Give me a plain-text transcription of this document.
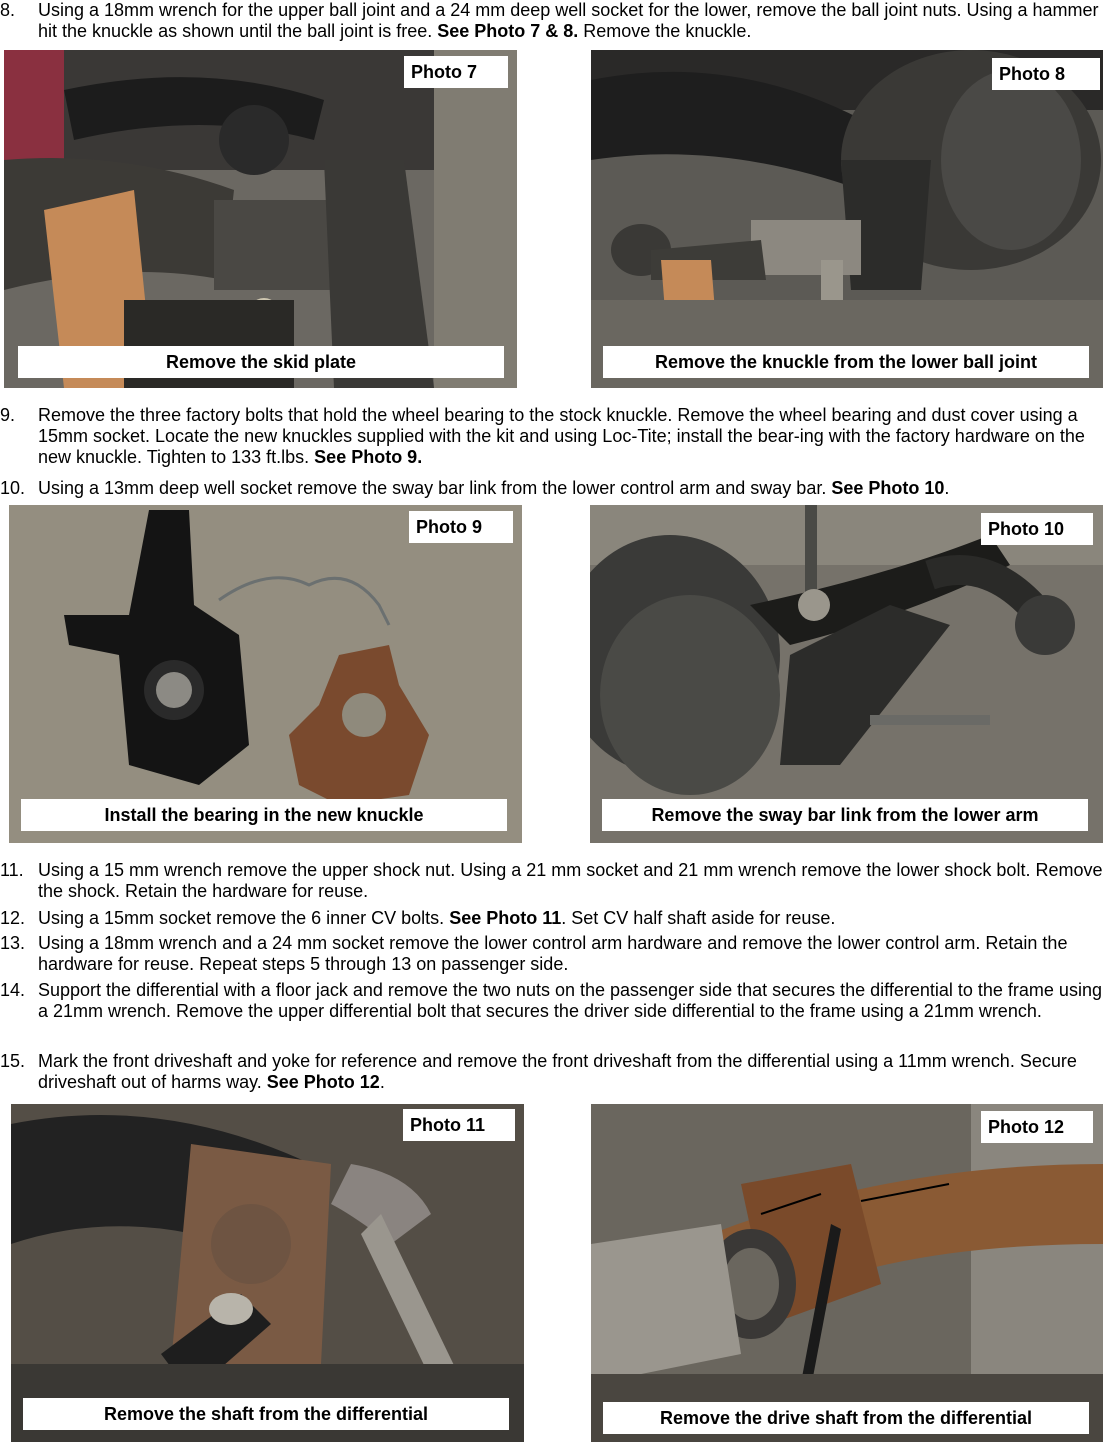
8.	Using a 18mm wrench for the upper ball joint and a 24 mm deep well socket for the lower, remove the ball joint nuts. Using a hammer hit the knuckle as shown until the ball joint is free. See Photo 7 & 8. Remove the knuckle.
Photo 7
Remove the skid plate
Photo 8
Remove the knuckle from the lower ball joint
9.	Remove the three factory bolts that hold the wheel bearing to the stock knuckle. Remove the wheel bearing and dust cover using a 15mm socket. Locate the new knuckles supplied with the kit and using Loc-Tite; install the bear-ing with the factory hardware on the new knuckle. Tighten to 133 ft.lbs. See Photo 9.
10. Using a 13mm deep well socket remove the sway bar link from the lower control arm and sway bar. See Photo 10.
Photo 9
Install the bearing in the new knuckle
Photo 10
Remove the sway bar link from the lower arm
11. Using a 15 mm wrench remove the upper shock nut. Using a 21 mm socket and 21 mm wrench remove the lower shock bolt. Remove the shock. Retain the hardware for reuse.
12. Using a 15mm socket remove the 6 inner CV bolts. See Photo 11. Set CV half shaft aside for reuse.
13. Using a 18mm wrench and a 24 mm socket remove the lower control arm hardware and remove the lower control arm. Retain the hardware for reuse. Repeat steps 5 through 13 on passenger side.
14. Support the differential with a floor jack and remove the two nuts on the passenger side that secures the differential to the frame using a 21mm wrench. Remove the upper differential bolt that secures the driver side differential to the frame using a 21mm wrench.
15. Mark the front driveshaft and yoke for reference and remove the front driveshaft from the differential using a 11mm wrench. Secure driveshaft out of harms way. See Photo 12.
Photo 11
Remove the shaft from the differential
Photo 12
Remove the drive shaft from the differential
